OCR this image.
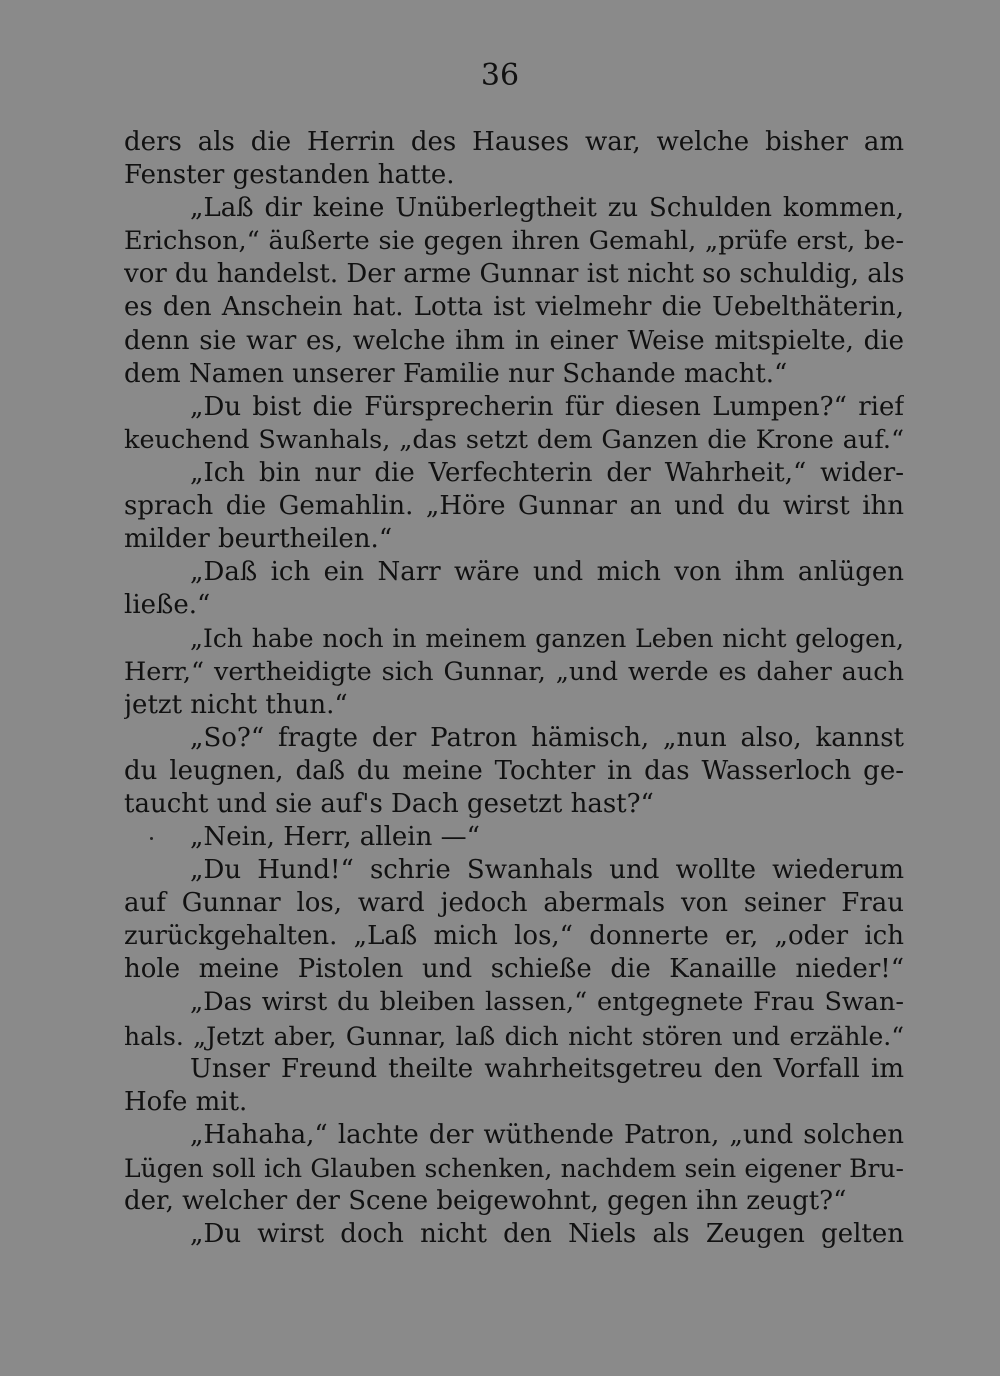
36
ders als die Herrin des Hauses war, welche bisher am
Fenster gestanden hatte.
„Laß dir keine Unüberlegtheit zu Schulden kommen,
Erichson,“ äußerte sie gegen ihren Gemahl, „prüfe erst, be-
vor du handelst. Der arme Gunnar ist nicht so schuldig, als
es den Anschein hat. Lotta ist vielmehr die Uebelthäterin,
denn sie war es, welche ihm in einer Weise mitspielte, die
dem Namen unserer Familie nur Schande macht.“
„Du bist die Fürsprecherin für diesen Lumpen?“ rief
keuchend Swanhals, „das setzt dem Ganzen die Krone auf.“
„Ich bin nur die Verfechterin der Wahrheit,“ wider-
sprach die Gemahlin. „Höre Gunnar an und du wirst ihn
milder beurtheilen.“
„Daß ich ein Narr wäre und mich von ihm anlügen
ließe.“
„Ich habe noch in meinem ganzen Leben nicht gelogen,
Herr,“ vertheidigte sich Gunnar, „und werde es daher auch
jetzt nicht thun.“
„So?“ fragte der Patron hämisch, „nun also, kannst
du leugnen, daß du meine Tochter in das Wasserloch ge-
taucht und sie auf's Dach gesetzt hast?“
„Nein, Herr, allein —“
„Du Hund!“ schrie Swanhals und wollte wiederum
auf Gunnar los, ward jedoch abermals von seiner Frau
zurückgehalten. „Laß mich los,“ donnerte er, „oder ich
hole meine Pistolen und schieße die Kanaille nieder!“
„Das wirst du bleiben lassen,“ entgegnete Frau Swan-
hals. „Jetzt aber, Gunnar, laß dich nicht stören und erzähle.“
Unser Freund theilte wahrheitsgetreu den Vorfall im
Hofe mit.
„Hahaha,“ lachte der wüthende Patron, „und solchen
Lügen soll ich Glauben schenken, nachdem sein eigener Bru-
der, welcher der Scene beigewohnt, gegen ihn zeugt?“
„Du wirst doch nicht den Niels als Zeugen gelten
